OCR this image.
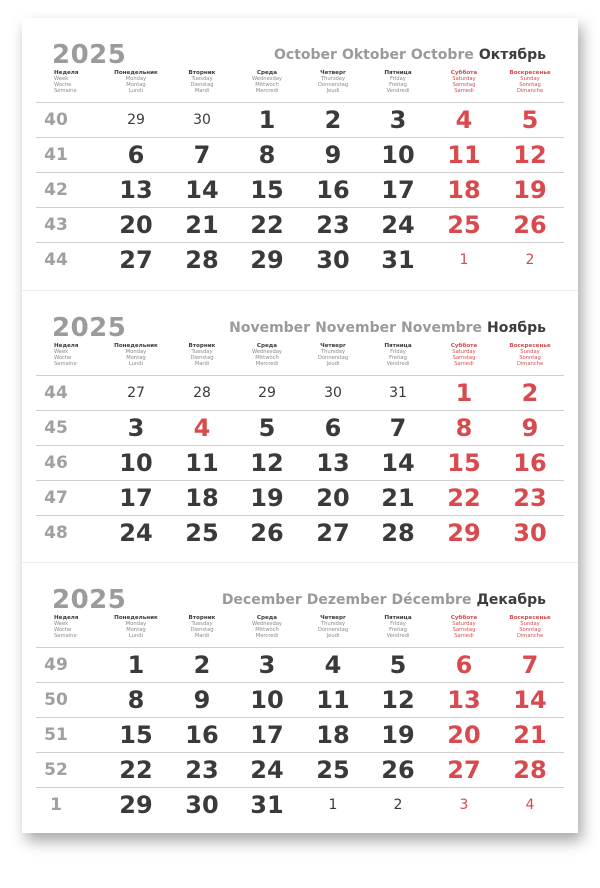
2025	October Oktober Octobre Октябрь
Неделя
Week
Woche
Semaine
Понедельник
Monday
Montag
Lundi
Вторник
Tuesday
Dienstag
Mardi
Среда
Wednesday
Mittwoch
Mercredi
Четверг
Thursday
Donnerstag
Jeudi
Пятница
Friday
Freitag
Vendredi
Суббота
Saturday
Samstag
Samedi
Воскресенье
Sunday
Sonntag
Dimanche
40	29	30	1	2	3	4	5
41	6	7	8	9	10	11	12
42	13	14	15	16	17	18	19
43	20	21	22	23	24	25	26
44	27	28	29	30	31	1	2
2025	November November Novembre Ноябрь
Неделя
Week
Woche
Semaine
Понедельник
Monday
Montag
Lundi
Вторник
Tuesday
Dienstag
Mardi
Среда
Wednesday
Mittwoch
Mercredi
Четверг
Thursday
Donnerstag
Jeudi
Пятница
Friday
Freitag
Vendredi
Суббота
Saturday
Samstag
Samedi
Воскресенье
Sunday
Sonntag
Dimanche
44	27	28	29	30	31	1	2
45	3	4	5	6	7	8	9
46	10	11	12	13	14	15	16
47	17	18	19	20	21	22	23
48	24	25	26	27	28	29	30
2025	December Dezember Décembre Декабрь
Неделя
Week
Woche
Semaine
Понедельник
Monday
Montag
Lundi
Вторник
Tuesday
Dienstag
Mardi
Среда
Wednesday
Mittwoch
Mercredi
Четверг
Thursday
Donnerstag
Jeudi
Пятница
Friday
Freitag
Vendredi
Суббота
Saturday
Samstag
Samedi
Воскресенье
Sunday
Sonntag
Dimanche
49	1	2	3	4	5	6	7
50	8	9	10	11	12	13	14
51	15	16	17	18	19	20	21
52	22	23	24	25	26	27	28
1	29	30	31	1	2	3	4
